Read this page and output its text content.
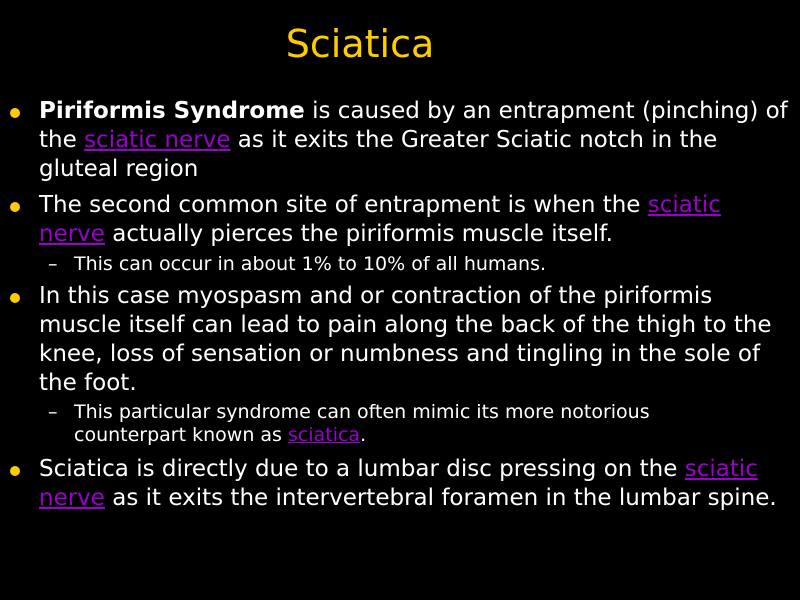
Sciatica
Piriformis Syndrome is caused by an entrapment (pinching) of the sciatic nerve as it exits the Greater Sciatic notch in the gluteal region
The second common site of entrapment is when the sciatic nerve actually pierces the piriformis muscle itself.
– This can occur in about 1% to 10% of all humans.
In this case myospasm and or contraction of the piriformis muscle itself can lead to pain along the back of the thigh to the knee, loss of sensation or numbness and tingling in the sole of the foot.
– This particular syndrome can often mimic its more notorious counterpart known as sciatica.
Sciatica is directly due to a lumbar disc pressing on the sciatic nerve as it exits the intervertebral foramen in the lumbar spine.
